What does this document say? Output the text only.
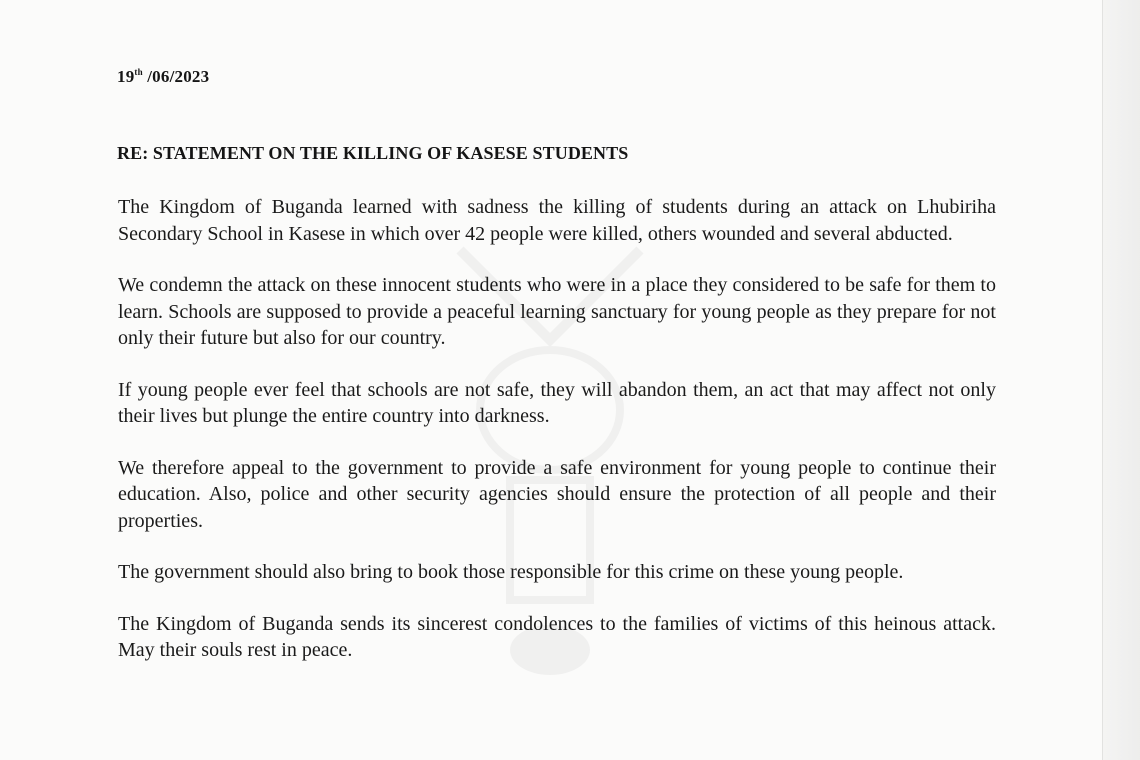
19th /06/2023
RE: STATEMENT ON THE KILLING OF KASESE STUDENTS

The Kingdom of Buganda learned with sadness the killing of students during an attack on Lhubiriha Secondary School in Kasese in which over 42 people were killed, others wounded and several abducted.

We condemn the attack on these innocent students who were in a place they considered to be safe for them to learn. Schools are supposed to provide a peaceful learning sanctuary for young people as they prepare for not only their future but also for our country.

If young people ever feel that schools are not safe, they will abandon them, an act that may affect not only their lives but plunge the entire country into darkness.

We therefore appeal to the government to provide a safe environment for young people to continue their education. Also, police and other security agencies should ensure the protection of all people and their properties.

The government should also bring to book those responsible for this crime on these young people.

The Kingdom of Buganda sends its sincerest condolences to the families of victims of this heinous attack. May their souls rest in peace.
